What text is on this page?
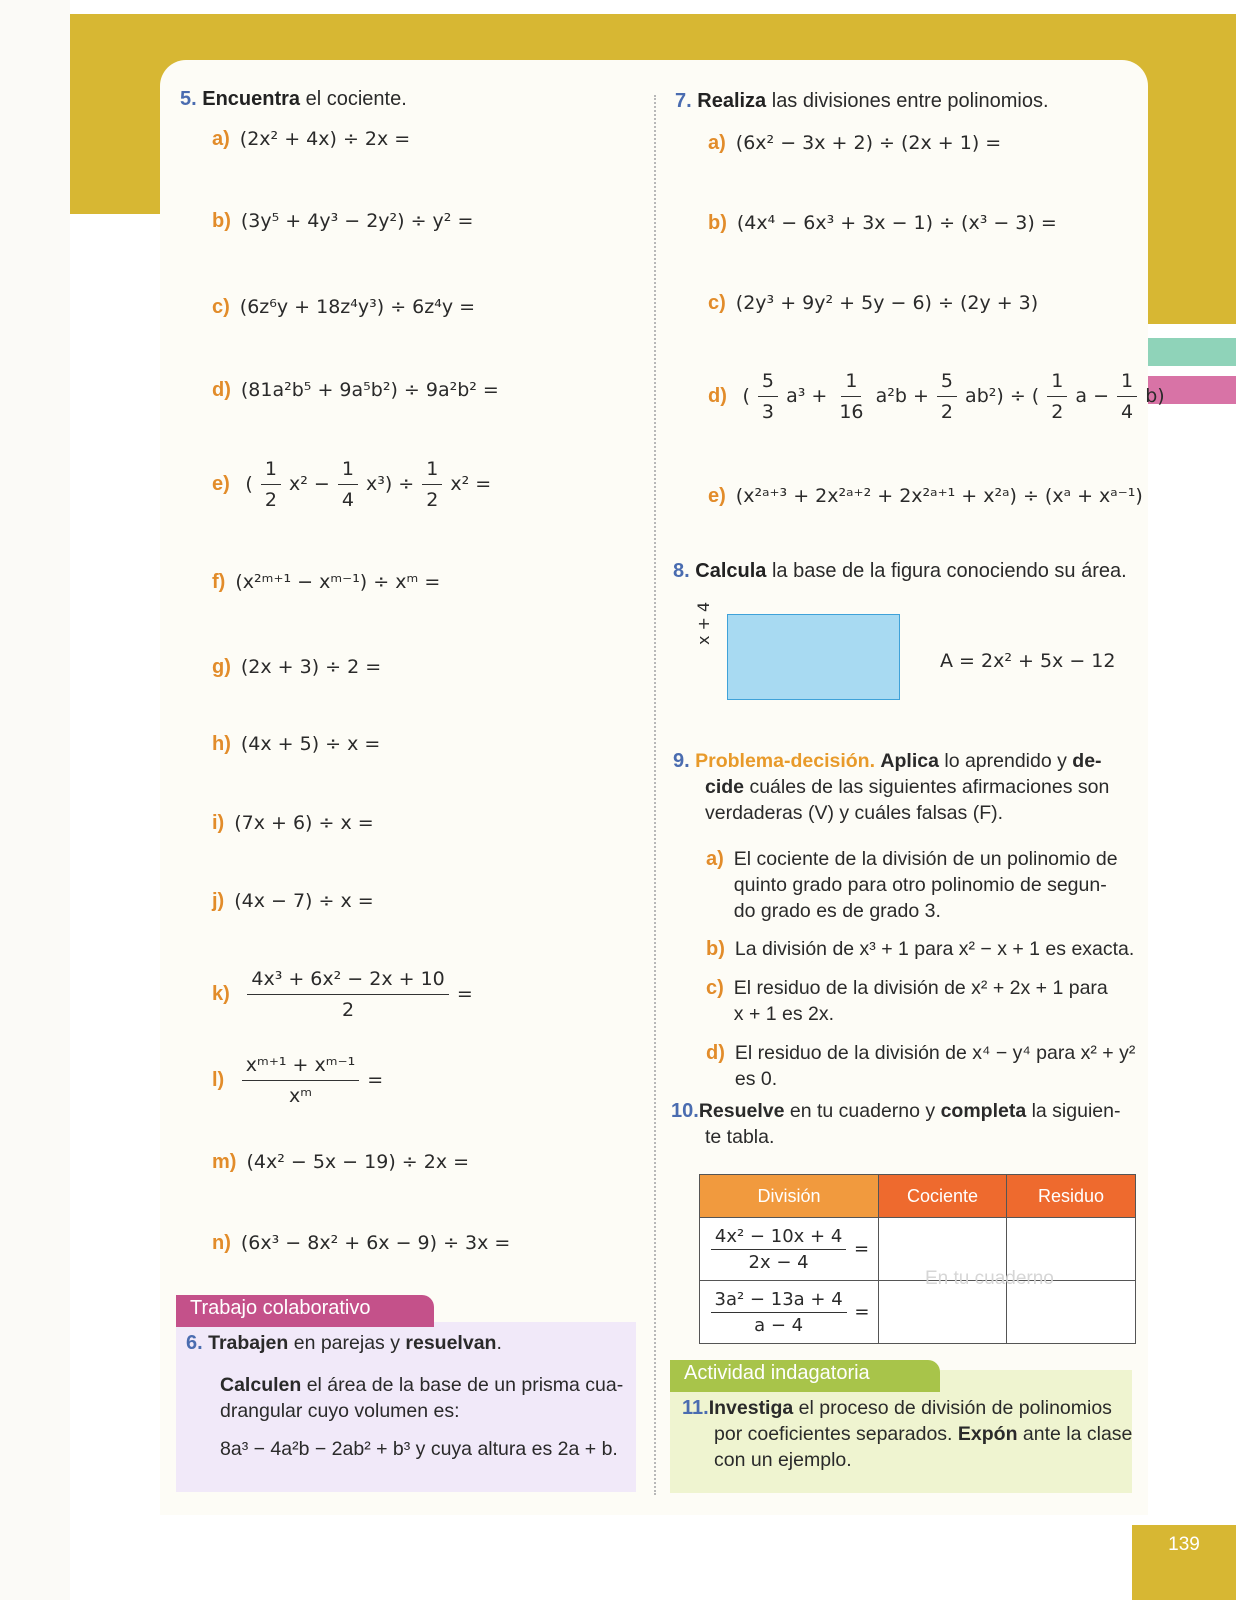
139
5. Encuentra el cociente.
a) (2x² + 4x) ÷ 2x =
b) (3y⁵ + 4y³ − 2y²) ÷ y² =
c) (6z⁶y + 18z⁴y³) ÷ 6z⁴y =
d) (81a²b⁵ + 9a⁵b²) ÷ 9a²b² =
e) ( $\frac{1}{2} x^2 - \frac{1}{4} x^3) \div \frac{1}{2} x^2$ =
f) (x²ᵐ⁺¹ − xᵐ⁻¹) ÷ xᵐ =
g) (2x + 3) ÷ 2 =
h) (4x + 5) ÷ x =
i) (7x + 6) ÷ x =
j) (4x − 7) ÷ x =
$k) \frac{\text{4x³ + 6x² − 2x + 10}}{2}$ =
$l) \frac{\text{xᵐ⁺¹ + xᵐ⁻¹}}{\text{xᵐ}}$ =
m) (4x² − 5x − 19) ÷ 2x =
n) (6x³ − 8x² + 6x − 9) ÷ 3x =
Trabajo colaborativo
6. Trabajen en parejas y resuelvan.
Calculen el área de la base de un prisma cua-
drangular cuyo volumen es:
8a³ − 4a²b − 2ab² + b³ y cuya altura es 2a + b.
7. Realiza las divisiones entre polinomios.
a) (6x² − 3x + 2) ÷ (2x + 1) =
b) (4x⁴ − 6x³ + 3x − 1) ÷ (x³ − 3) =
c) (2y³ + 9y² + 5y − 6) ÷ (2y + 3)
d) ( $\frac{5}{3} a^3 + \frac{1}{16} a^2b + \frac{5}{2} ab^2$) ÷ ( $\frac{1}{2}$ $a - \frac{1}{4} b$)
e) (x²ᵃ⁺³ + 2x²ᵃ⁺² + 2x²ᵃ⁺¹ + x²ᵃ) ÷ (xᵃ + xᵃ⁻¹)
8. Calcula la base de la figura conociendo su área.
x + 4
A = 2x² + 5x − 12
9. Problema-decisión. Aplica lo aprendido y de-
cide cuáles de las siguientes afirmaciones son
verdaderas (V) y cuáles falsas (F).
a) El cociente de la división de un polinomio de
quinto grado para otro polinomio de segun-
do grado es de grado 3.
b) La división de x³ + 1 para x² − x + 1 es exacta.
c) El residuo de la división de x² + 2x + 1 para
x + 1 es 2x.
d) El residuo de la división de x⁴ − y⁴ para x² + y²
es 0.
10.Resuelve en tu cuaderno y completa la siguien-
te tabla.
División	Cociente	Residuo

$\frac{\text{4x² − 10x + 4}}{2x - 4}$ =		

$\frac{\text{3a² − 13a + 4}}{a - 4}$ =		
En tu cuaderno
Actividad indagatoria
11.Investiga el proceso de división de polinomios
por coeficientes separados. Expón ante la clase
con un ejemplo.
